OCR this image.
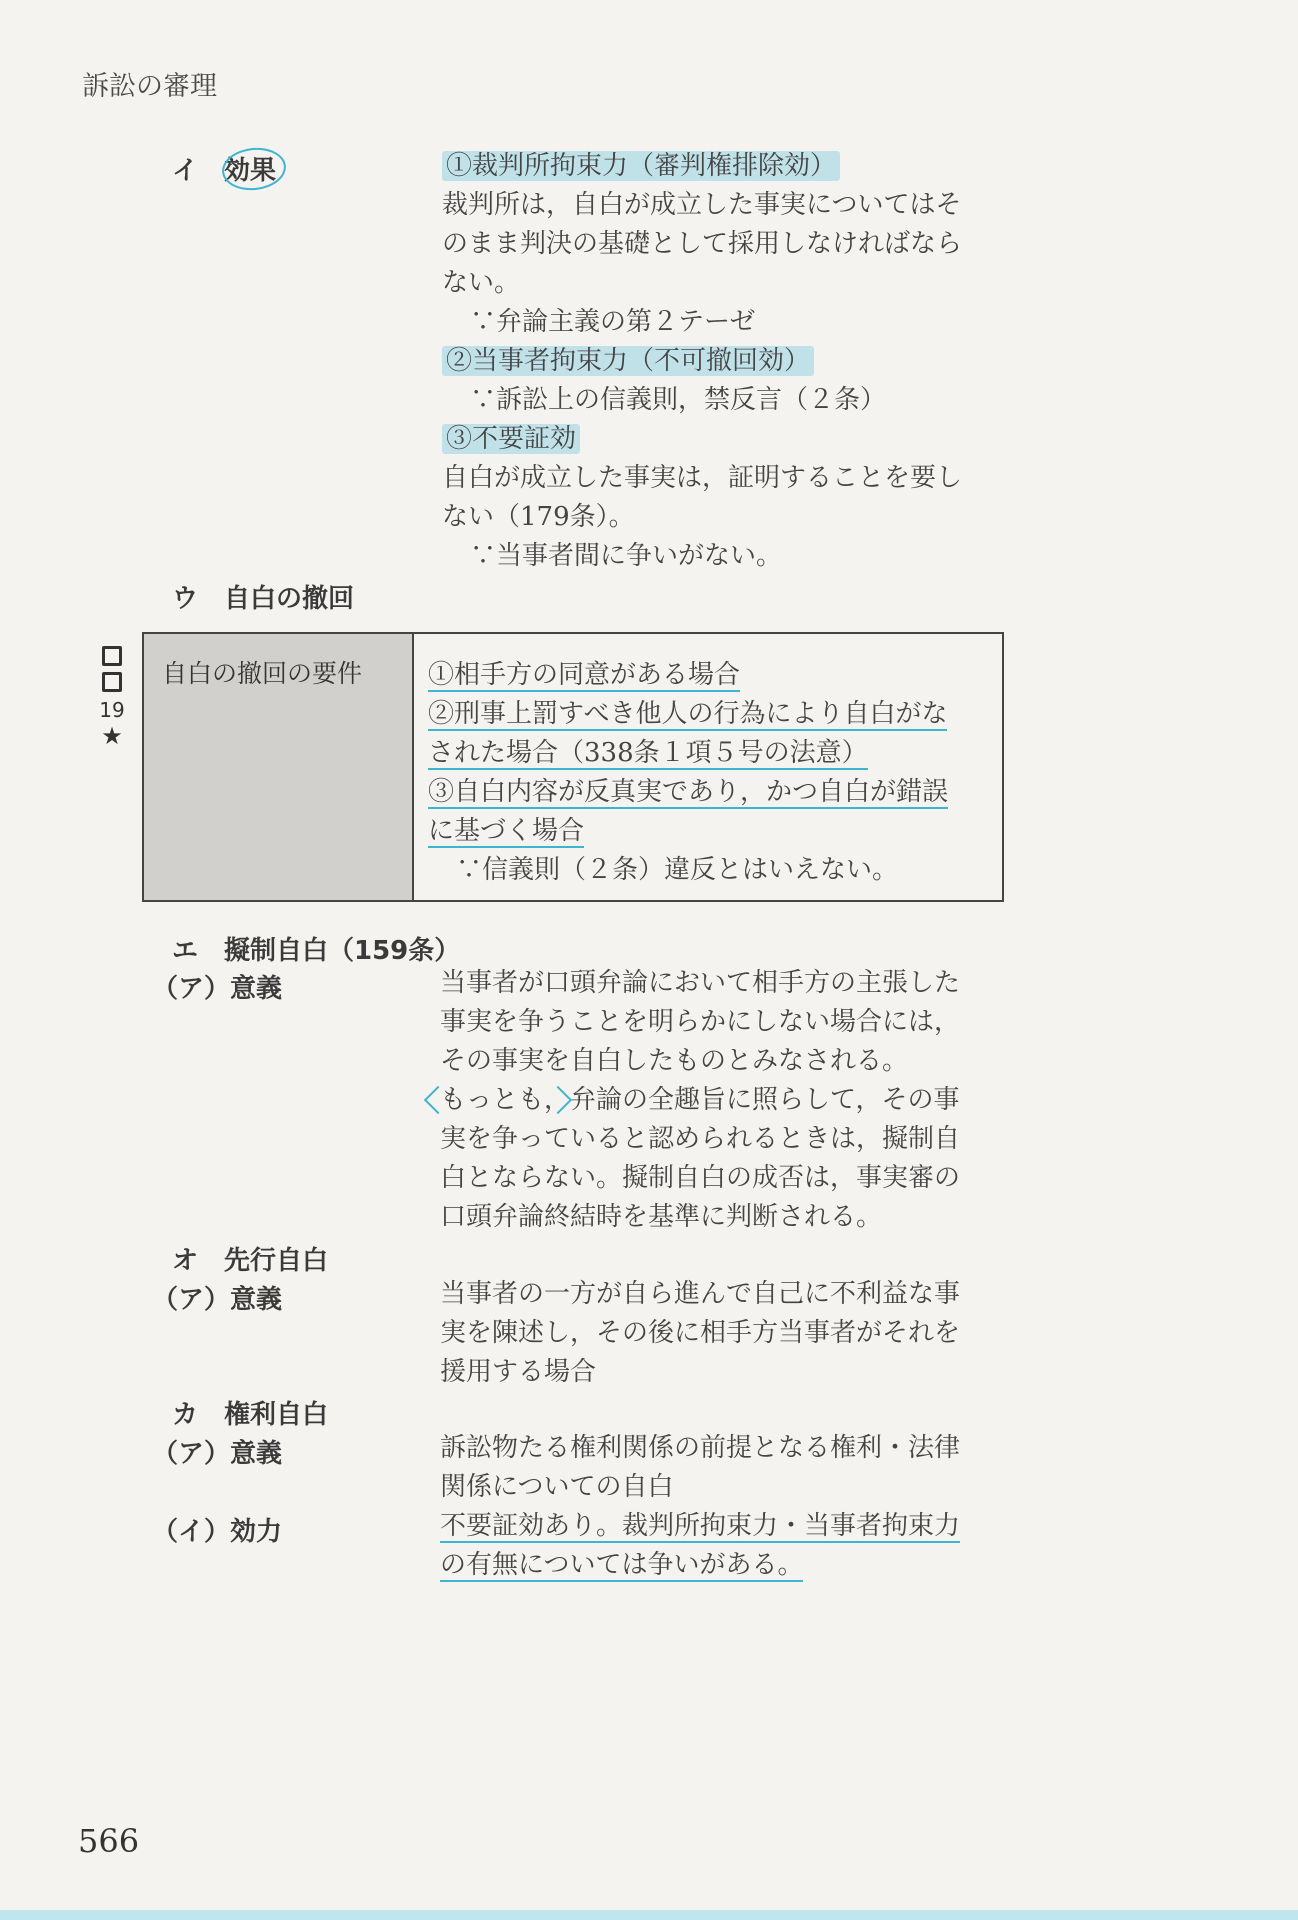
訴訟の審理
イ　効果	①裁判所拘束力（審判権排除効）
裁判所は，自白が成立した事実についてはそ
のまま判決の基礎として採用しなければなら
ない。
∵弁論主義の第２テーゼ
②当事者拘束力（不可撤回効）
∵訴訟上の信義則，禁反言（２条）
③不要証効
自白が成立した事実は，証明することを要し
ない（179条）。
∵当事者間に争いがない。
ウ　自白の撤回
19
★
自白の撤回の要件	①相手方の同意がある場合
②刑事上罰すべき他人の行為により自白がな
された場合（338条１項５号の法意）
③自白内容が反真実であり，かつ自白が錯誤
に基づく場合
∵信義則（２条）違反とはいえない。
エ　擬制自白（159条）
（ア）意義	当事者が口頭弁論において相手方の主張した
事実を争うことを明らかにしない場合には，
その事実を自白したものとみなされる。
もっとも，弁論の全趣旨に照らして，その事
実を争っていると認められるときは，擬制自
白とならない。擬制自白の成否は，事実審の
口頭弁論終結時を基準に判断される。
オ　先行自白
（ア）意義	当事者の一方が自ら進んで自己に不利益な事
実を陳述し，その後に相手方当事者がそれを
援用する場合
カ　権利自白
（ア）意義	訴訟物たる権利関係の前提となる権利・法律
関係についての自白
（イ）効力	不要証効あり。裁判所拘束力・当事者拘束力
の有無については争いがある。
566
